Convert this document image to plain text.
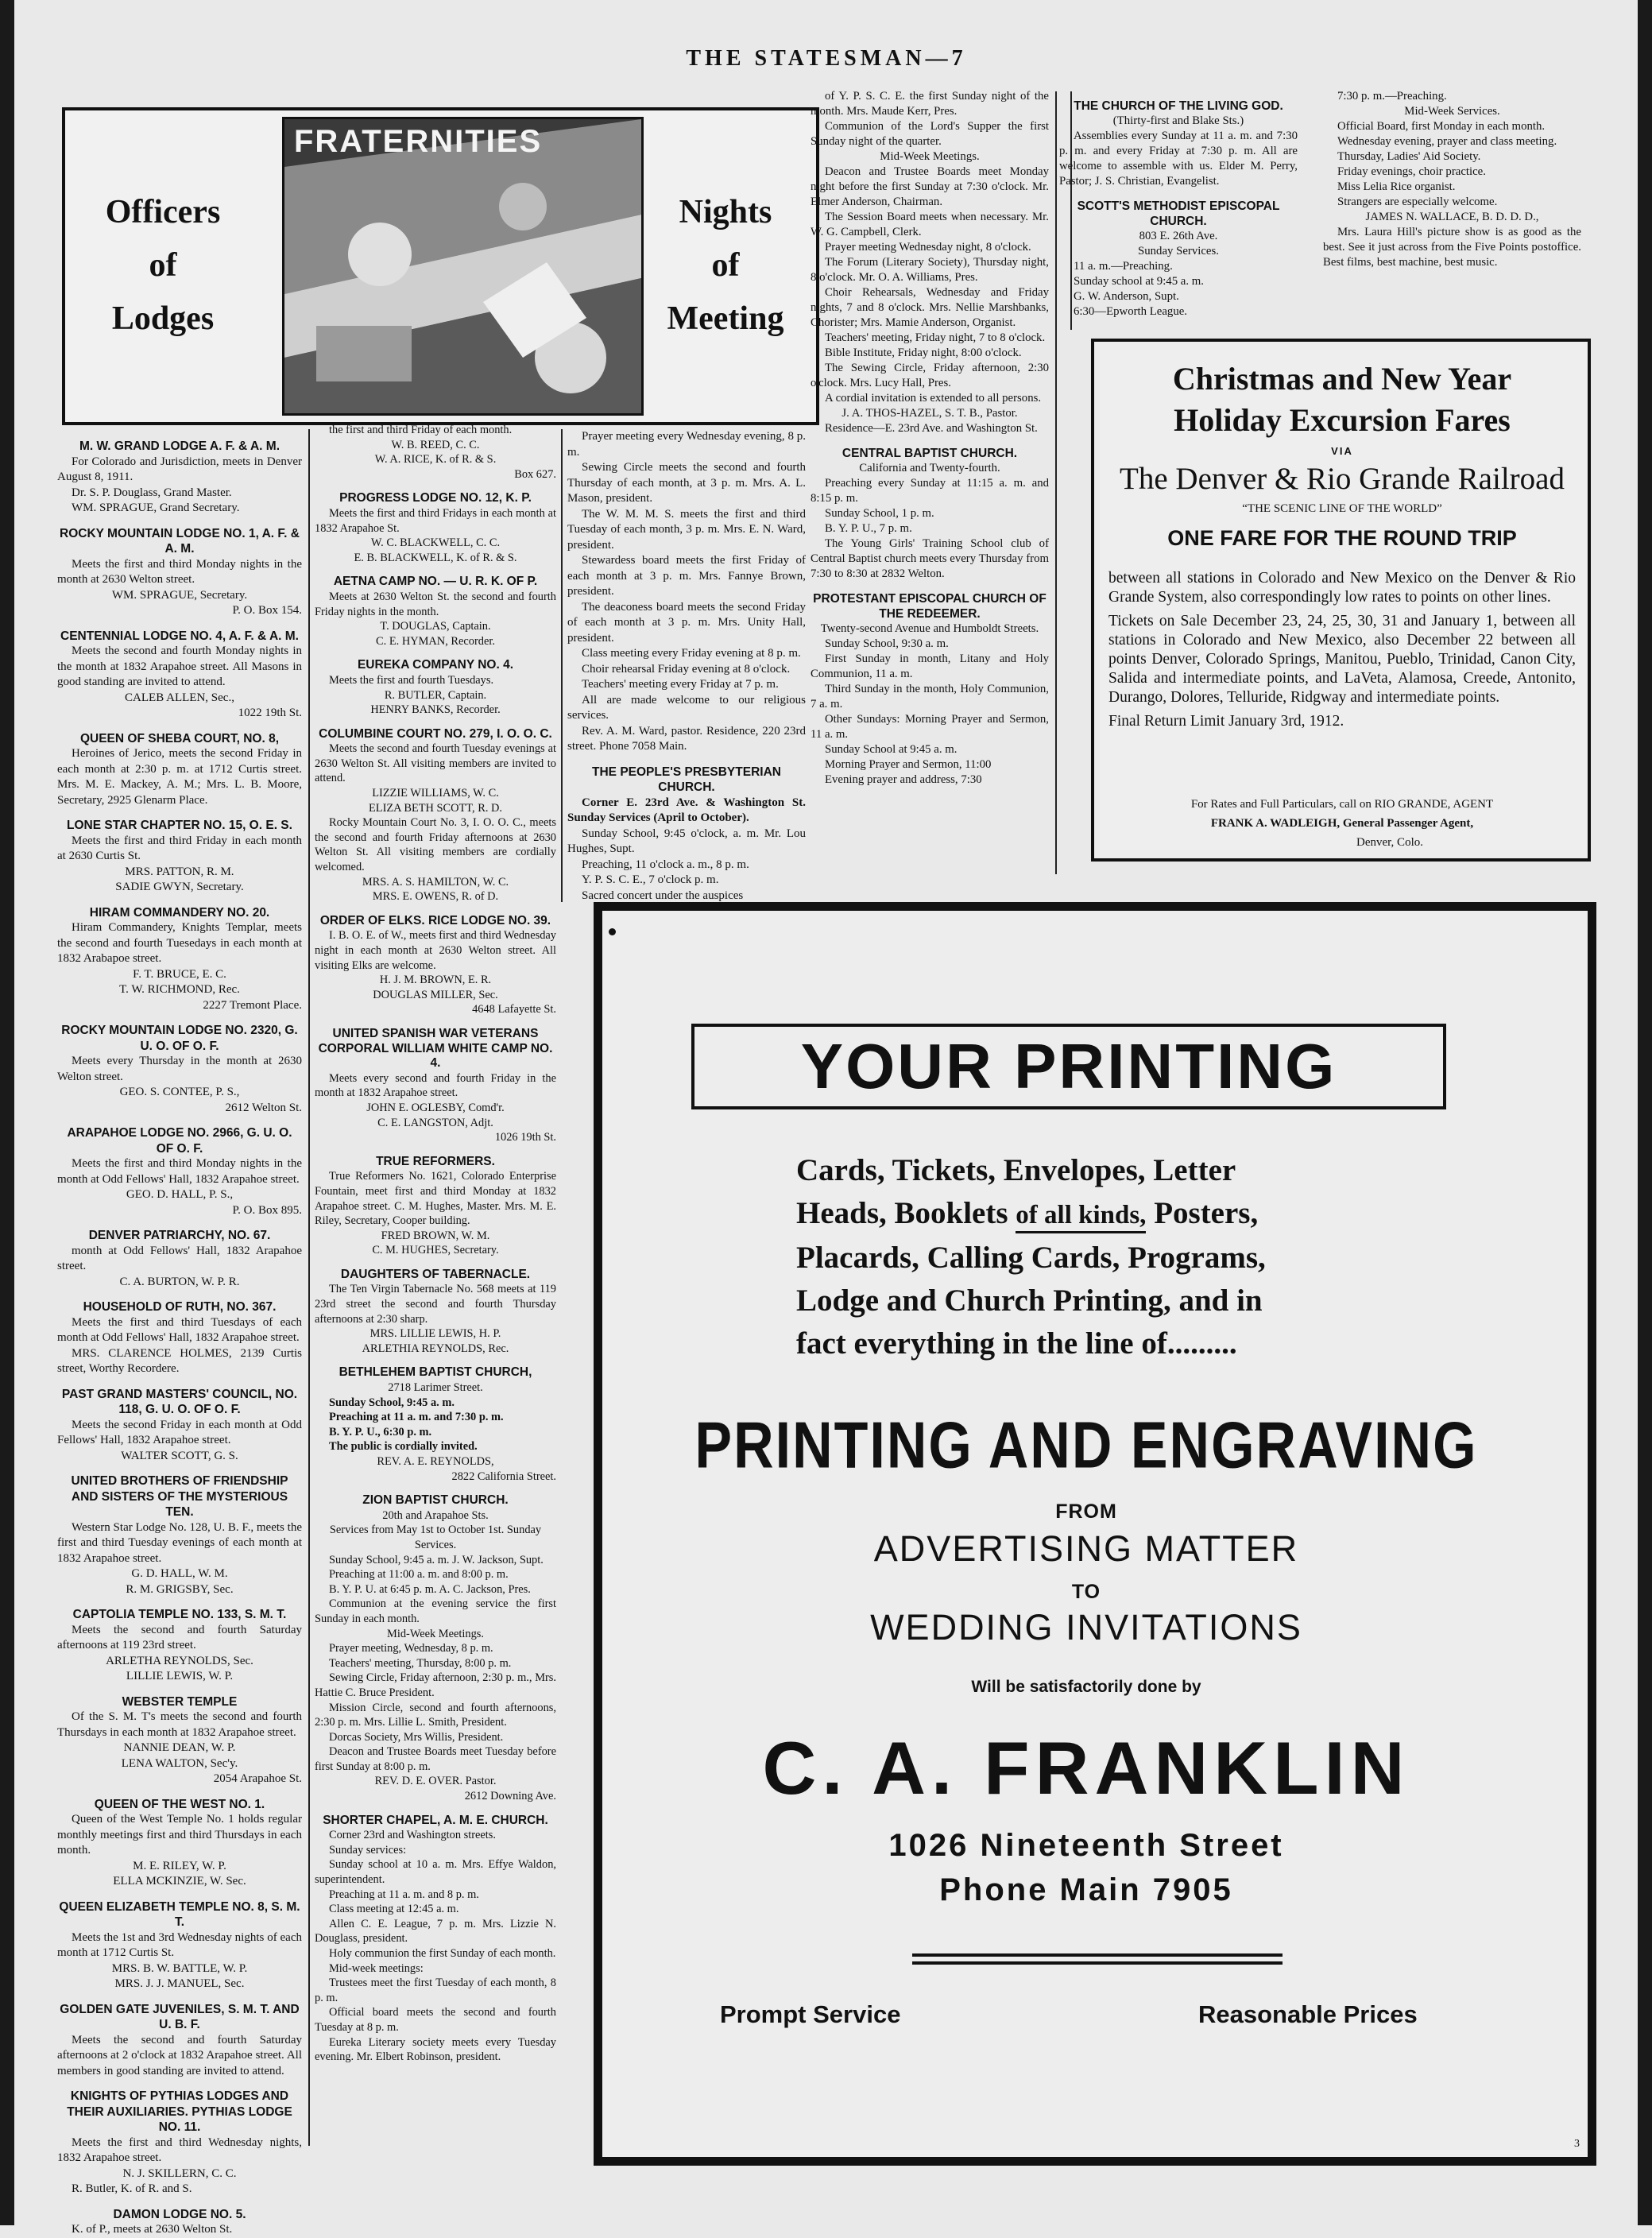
THE STATESMAN—7
Officers
of
Lodges
FRATERNITIES
Nights
of
Meeting

M. W. GRAND LODGE A. F. & A. M.

For Colorado and Jurisdiction, meets in Denver August 8, 1911.

Dr. S. P. Douglass, Grand Master.

WM. SPRAGUE, Grand Secretary.

ROCKY MOUNTAIN LODGE NO. 1, A. F. & A. M.

Meets the first and third Monday nights in the month at 2630 Welton street.

WM. SPRAGUE, Secretary.

P. O. Box 154.

CENTENNIAL LODGE NO. 4, A. F. & A. M.

Meets the second and fourth Monday nights in the month at 1832 Arapahoe street. All Masons in good standing are invited to attend.

CALEB ALLEN, Sec.,

1022 19th St.

QUEEN OF SHEBA COURT, NO. 8,

Heroines of Jerico, meets the second Friday in each month at 2:30 p. m. at 1712 Curtis street. Mrs. M. E. Mackey, A. M.; Mrs. L. B. Moore, Secretary, 2925 Glenarm Place.

LONE STAR CHAPTER NO. 15, O. E. S.

Meets the first and third Friday in each month at 2630 Curtis St.

MRS. PATTON, R. M.

SADIE GWYN, Secretary.

HIRAM COMMANDERY NO. 20.

Hiram Commandery, Knights Templar, meets the second and fourth Tuesedays in each month at 1832 Arabapoe street.

F. T. BRUCE, E. C.

T. W. RICHMOND, Rec.

2227 Tremont Place.

ROCKY MOUNTAIN LODGE NO. 2320, G. U. O. OF O. F.

Meets every Thursday in the month at 2630 Welton street.

GEO. S. CONTEE, P. S.,

2612 Welton St.

ARAPAHOE LODGE NO. 2966, G. U. O. OF O. F.

Meets the first and third Monday nights in the month at Odd Fellows' Hall, 1832 Arapahoe street.

GEO. D. HALL, P. S.,

P. O. Box 895.

DENVER PATRIARCHY, NO. 67.

month at Odd Fellows' Hall, 1832 Arapahoe street.

C. A. BURTON, W. P. R.

HOUSEHOLD OF RUTH, NO. 367.

Meets the first and third Tuesdays of each month at Odd Fellows' Hall, 1832 Arapahoe street.

MRS. CLARENCE HOLMES, 2139 Curtis street, Worthy Recordere.

PAST GRAND MASTERS' COUNCIL, NO. 118, G. U. O. OF O. F.

Meets the second Friday in each month at Odd Fellows' Hall, 1832 Arapahoe street.

WALTER SCOTT, G. S.

UNITED BROTHERS OF FRIENDSHIP AND SISTERS OF THE MYSTERIOUS TEN.

Western Star Lodge No. 128, U. B. F., meets the first and third Tuesday evenings of each month at 1832 Arapahoe street.

G. D. HALL, W. M.

R. M. GRIGSBY, Sec.

CAPTOLIA TEMPLE NO. 133, S. M. T.

Meets the second and fourth Saturday afternoons at 119 23rd street.

ARLETHA REYNOLDS, Sec.

LILLIE LEWIS, W. P.

WEBSTER TEMPLE

Of the S. M. T's meets the second and fourth Thursdays in each month at 1832 Arapahoe street.

NANNIE DEAN, W. P.

LENA WALTON, Sec'y.

2054 Arapahoe St.

QUEEN OF THE WEST NO. 1.

Queen of the West Temple No. 1 holds regular monthly meetings first and third Thursdays in each month.

M. E. RILEY, W. P.

ELLA MCKINZIE, W. Sec.

QUEEN ELIZABETH TEMPLE NO. 8, S. M. T.

Meets the 1st and 3rd Wednesday nights of each month at 1712 Curtis St.

MRS. B. W. BATTLE, W. P.

MRS. J. J. MANUEL, Sec.

GOLDEN GATE JUVENILES, S. M. T. AND U. B. F.

Meets the second and fourth Saturday afternoons at 2 o'clock at 1832 Arapahoe street. All members in good standing are invited to attend.

KNIGHTS OF PYTHIAS LODGES AND THEIR AUXILIARIES. PYTHIAS LODGE NO. 11.

Meets the first and third Wednesday nights, 1832 Arapahoe street.

N. J. SKILLERN, C. C.

R. Butler, K. of R. and S.

DAMON LODGE NO. 5.

K. of P., meets at 2630 Welton St.

the first and third Friday of each month.

W. B. REED, C. C.

W. A. RICE, K. of R. & S.

Box 627.

PROGRESS LODGE NO. 12, K. P.

Meets the first and third Fridays in each month at 1832 Arapahoe St.

W. C. BLACKWELL, C. C.

E. B. BLACKWELL, K. of R. & S.

AETNA CAMP NO. — U. R. K. OF P.

Meets at 2630 Welton St. the second and fourth Friday nights in the month.

T. DOUGLAS, Captain.

C. E. HYMAN, Recorder.

EUREKA COMPANY NO. 4.

Meets the first and fourth Tuesdays.

R. BUTLER, Captain.

HENRY BANKS, Recorder.

COLUMBINE COURT NO. 279, I. O. O. C.

Meets the second and fourth Tuesday evenings at 2630 Welton St. All visiting members are invited to attend.

LIZZIE WILLIAMS, W. C.

ELIZA BETH SCOTT, R. D.

Rocky Mountain Court No. 3, I. O. O. C., meets the second and fourth Friday afternoons at 2630 Welton St. All visiting members are cordially welcomed.

MRS. A. S. HAMILTON, W. C.

MRS. E. OWENS, R. of D.

ORDER OF ELKS. RICE LODGE NO. 39.

I. B. O. E. of W., meets first and third Wednesday night in each month at 2630 Welton street. All visiting Elks are welcome.

H. J. M. BROWN, E. R.

DOUGLAS MILLER, Sec.

4648 Lafayette St.

UNITED SPANISH WAR VETERANS CORPORAL WILLIAM WHITE CAMP NO. 4.

Meets every second and fourth Friday in the month at 1832 Arapahoe street.

JOHN E. OGLESBY, Comd'r.

C. E. LANGSTON, Adjt.

1026 19th St.

TRUE REFORMERS.

True Reformers No. 1621, Colorado Enterprise Fountain, meet first and third Monday at 1832 Arapahoe street. C. M. Hughes, Master. Mrs. M. E. Riley, Secretary, Cooper building.

FRED BROWN, W. M.

C. M. HUGHES, Secretary.

DAUGHTERS OF TABERNACLE.

The Ten Virgin Tabernacle No. 568 meets at 119 23rd street the second and fourth Thursday afternoons at 2:30 sharp.

MRS. LILLIE LEWIS, H. P.

ARLETHIA REYNOLDS, Rec.

BETHLEHEM BAPTIST CHURCH,

2718 Larimer Street.

Sunday School, 9:45 a. m.

Preaching at 11 a. m. and 7:30 p. m.

B. Y. P. U., 6:30 p. m.

The public is cordially invited.

REV. A. E. REYNOLDS,

2822 California Street.

ZION BAPTIST CHURCH.

20th and Arapahoe Sts.

Services from May 1st to October 1st. Sunday Services.

Sunday School, 9:45 a. m. J. W. Jackson, Supt.

Preaching at 11:00 a. m. and 8:00 p. m.

B. Y. P. U. at 6:45 p. m. A. C. Jackson, Pres.

Communion at the evening service the first Sunday in each month.

Mid-Week Meetings.

Prayer meeting, Wednesday, 8 p. m.

Teachers' meeting, Thursday, 8:00 p. m.

Sewing Circle, Friday afternoon, 2:30 p. m., Mrs. Hattie C. Bruce President.

Mission Circle, second and fourth afternoons, 2:30 p. m. Mrs. Lillie L. Smith, President.

Dorcas Society, Mrs Willis, President.

Deacon and Trustee Boards meet Tuesday before first Sunday at 8:00 p. m.

REV. D. E. OVER. Pastor.

2612 Downing Ave.

SHORTER CHAPEL, A. M. E. CHURCH.

Corner 23rd and Washington streets.

Sunday services:

Sunday school at 10 a. m. Mrs. Effye Waldon, superintendent.

Preaching at 11 a. m. and 8 p. m.

Class meeting at 12:45 a. m.

Allen C. E. League, 7 p. m. Mrs. Lizzie N. Douglass, president.

Holy communion the first Sunday of each month.

Mid-week meetings:

Trustees meet the first Tuesday of each month, 8 p. m.

Official board meets the second and fourth Tuesday at 8 p. m.

Eureka Literary society meets every Tuesday evening. Mr. Elbert Robinson, president.

Prayer meeting every Wednesday evening, 8 p. m.

Sewing Circle meets the second and fourth Thursday of each month, at 3 p. m. Mrs. A. L. Mason, president.

The W. M. M. S. meets the first and third Tuesday of each month, 3 p. m. Mrs. E. N. Ward, president.

Stewardess board meets the first Friday of each month at 3 p. m. Mrs. Fannye Brown, president.

The deaconess board meets the second Friday of each month at 3 p. m. Mrs. Unity Hall, president.

Class meeting every Friday evening at 8 p. m.

Choir rehearsal Friday evening at 8 o'clock.

Teachers' meeting every Friday at 7 p. m.

All are made welcome to our religious services.

Rev. A. M. Ward, pastor. Residence, 220 23rd street. Phone 7058 Main.

THE PEOPLE'S PRESBYTERIAN CHURCH.

Corner E. 23rd Ave. & Washington St. Sunday Services (April to October).

Sunday School, 9:45 o'clock, a. m. Mr. Lou Hughes, Supt.

Preaching, 11 o'clock a. m., 8 p. m.

Y. P. S. C. E., 7 o'clock p. m.

Sacred concert under the auspices

of Y. P. S. C. E. the first Sunday night of the month. Mrs. Maude Kerr, Pres.

Communion of the Lord's Supper the first Sunday night of the quarter.

Mid-Week Meetings.

Deacon and Trustee Boards meet Monday night before the first Sunday at 7:30 o'clock. Mr. Elmer Anderson, Chairman.

The Session Board meets when necessary. Mr. W. G. Campbell, Clerk.

Prayer meeting Wednesday night, 8 o'clock.

The Forum (Literary Society), Thursday night, 8 o'clock. Mr. O. A. Williams, Pres.

Choir Rehearsals, Wednesday and Friday nights, 7 and 8 o'clock. Mrs. Nellie Marshbanks, Chorister; Mrs. Mamie Anderson, Organist.

Teachers' meeting, Friday night, 7 to 8 o'clock.

Bible Institute, Friday night, 8:00 o'clock.

The Sewing Circle, Friday afternoon, 2:30 o'clock. Mrs. Lucy Hall, Pres.

A cordial invitation is extended to all persons.

J. A. THOS-HAZEL, S. T. B., Pastor.

Residence—E. 23rd Ave. and Washington St.

CENTRAL BAPTIST CHURCH.

California and Twenty-fourth.

Preaching every Sunday at 11:15 a. m. and 8:15 p. m.

Sunday School, 1 p. m.

B. Y. P. U., 7 p. m.

The Young Girls' Training School club of Central Baptist church meets every Thursday from 7:30 to 8:30 at 2832 Welton.

PROTESTANT EPISCOPAL CHURCH OF THE REDEEMER.

Twenty-second Avenue and Humboldt Streets.

Sunday School, 9:30 a. m.

First Sunday in month, Litany and Holy Communion, 11 a. m.

Third Sunday in the month, Holy Communion, 7 a. m.

Other Sundays: Morning Prayer and Sermon, 11 a. m.

Sunday School at 9:45 a. m.

Morning Prayer and Sermon, 11:00

Evening prayer and address, 7:30

THE CHURCH OF THE LIVING GOD.

(Thirty-first and Blake Sts.)

Assemblies every Sunday at 11 a. m. and 7:30 p. m. and every Friday at 7:30 p. m. All are welcome to assemble with us. Elder M. Perry, Pastor; J. S. Christian, Evangelist.

SCOTT'S METHODIST EPISCOPAL CHURCH.

803 E. 26th Ave.

Sunday Services.

11 a. m.—Preaching.

Sunday school at 9:45 a. m.

G. W. Anderson, Supt.

6:30—Epworth League.

7:30 p. m.—Preaching.

Mid-Week Services.

Official Board, first Monday in each month.

Wednesday evening, prayer and class meeting.

Thursday, Ladies' Aid Society.

Friday evenings, choir practice.

Miss Lelia Rice organist.

Strangers are especially welcome.

JAMES N. WALLACE, B. D. D. D.,

Mrs. Laura Hill's picture show is as good as the best. See it just across from the Five Points postoffice. Best films, best machine, best music.

Christmas and New Year
Holiday Excursion Fares
VIA
The Denver & Rio Grande Railroad
“THE SCENIC LINE OF THE WORLD”
ONE FARE FOR THE ROUND TRIP

between all stations in Colorado and New Mexico on the Denver & Rio Grande System, also correspondingly low rates to points on other lines.

Tickets on Sale December 23, 24, 25, 30, 31 and January 1, between all stations in Colorado and New Mexico, also December 22 between all points Denver, Colorado Springs, Manitou, Pueblo, Trinidad, Canon City, Salida and intermediate points, and LaVeta, Alamosa, Creede, Antonito, Durango, Dolores, Telluride, Ridgway and intermediate points.

Final Return Limit January 3rd, 1912.

For Rates and Full Particulars, call on RIO GRANDE, AGENT
FRANK A. WADLEIGH, General Passenger Agent,
Denver, Colo.
YOUR PRINTING
Cards, Tickets, Envelopes, Letter
Heads, Booklets of all kinds, Posters,
Placards, Calling Cards, Programs,
Lodge and Church Printing, and in
fact everything in the line of.........
PRINTING AND ENGRAVING
FROM
ADVERTISING MATTER
TO
WEDDING INVITATIONS
Will be satisfactorily done by
C. A. FRANKLIN
1026 Nineteenth Street
Phone Main 7905
Prompt Service	Reasonable Prices
3
